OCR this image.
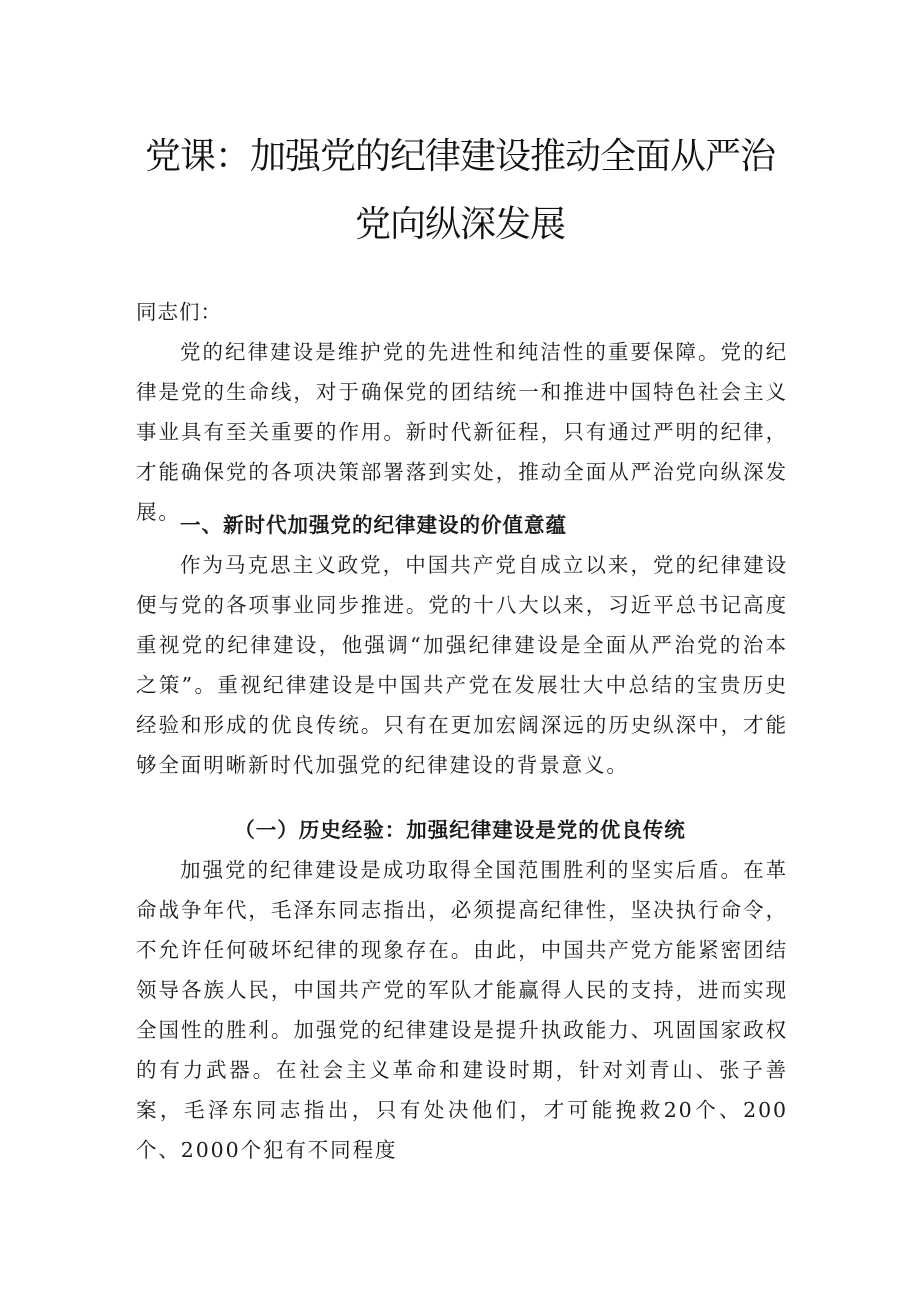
党课：加强党的纪律建设推动全面从严治
党向纵深发展

同志们：

党的纪律建设是维护党的先进性和纯洁性的重要保障。党的纪律是党的生命线，对于确保党的团结统一和推进中国特色社会主义事业具有至关重要的作用。新时代新征程，只有通过严明的纪律，才能确保党的各项决策部署落到实处，推动全面从严治党向纵深发展。

一、新时代加强党的纪律建设的价值意蕴

作为马克思主义政党，中国共产党自成立以来，党的纪律建设便与党的各项事业同步推进。党的十八大以来，习近平总书记高度重视党的纪律建设，他强调“加强纪律建设是全面从严治党的治本之策”。重视纪律建设是中国共产党在发展壮大中总结的宝贵历史经验和形成的优良传统。只有在更加宏阔深远的历史纵深中，才能够全面明晰新时代加强党的纪律建设的背景意义。

（一）历史经验：加强纪律建设是党的优良传统

加强党的纪律建设是成功取得全国范围胜利的坚实后盾。在革命战争年代，毛泽东同志指出，必须提高纪律性，坚决执行命令，不允许任何破坏纪律的现象存在。由此，中国共产党方能紧密团结领导各族人民，中国共产党的军队才能赢得人民的支持，进而实现全国性的胜利。加强党的纪律建设是提升执政能力、巩固国家政权的有力武器。在社会主义革命和建设时期，针对刘青山、张子善案，毛泽东同志指出，只有处决他们，才可能挽救20个、200个、2000个犯有不同程度
